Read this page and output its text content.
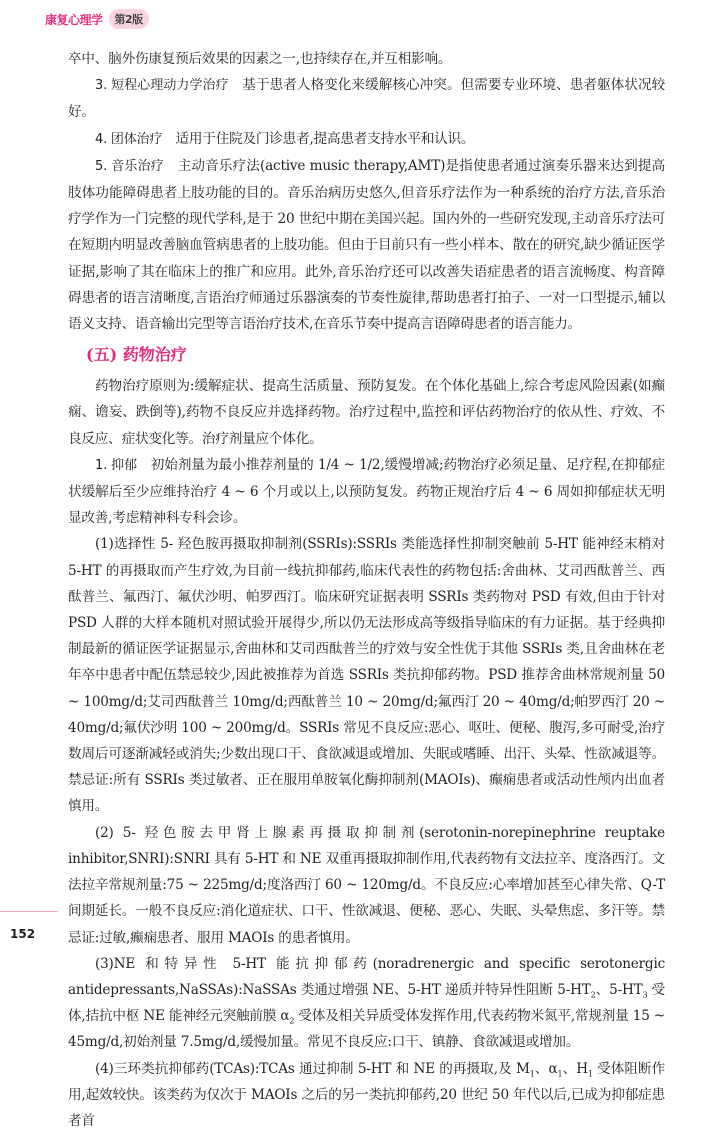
康复心理学	第2版

卒中、脑外伤康复预后效果的因素之一,也持续存在,并互相影响。

3. 短程心理动力学治疗　基于患者人格变化来缓解核心冲突。但需要专业环境、患者躯体状况较好。

4. 团体治疗　适用于住院及门诊患者,提高患者支持水平和认识。

5. 音乐治疗　主动音乐疗法(active music therapy,AMT)是指使患者通过演奏乐器来达到提高肢体功能障碍患者上肢功能的目的。音乐治病历史悠久,但音乐疗法作为一种系统的治疗方法,音乐治疗学作为一门完整的现代学科,是于 20 世纪中期在美国兴起。国内外的一些研究发现,主动音乐疗法可在短期内明显改善脑血管病患者的上肢功能。但由于目前只有一些小样本、散在的研究,缺少循证医学证据,影响了其在临床上的推广和应用。此外,音乐治疗还可以改善失语症患者的语言流畅度、构音障碍患者的语言清晰度,言语治疗师通过乐器演奏的节奏性旋律,帮助患者打拍子、一对一口型提示,辅以语义支持、语音输出完型等言语治疗技术,在音乐节奏中提高言语障碍患者的语言能力。

(五) 药物治疗

药物治疗原则为:缓解症状、提高生活质量、预防复发。在个体化基础上,综合考虑风险因素(如癫痫、谵妄、跌倒等),药物不良反应并选择药物。治疗过程中,监控和评估药物治疗的依从性、疗效、不良反应、症状变化等。治疗剂量应个体化。

1. 抑郁　初始剂量为最小推荐剂量的 1/4 ~ 1/2,缓慢增减;药物治疗必须足量、足疗程,在抑郁症状缓解后至少应维持治疗 4 ~ 6 个月或以上,以预防复发。药物正规治疗后 4 ~ 6 周如抑郁症状无明显改善,考虑精神科专科会诊。

(1)选择性 5- 羟色胺再摄取抑制剂(SSRIs):SSRIs 类能选择性抑制突触前 5-HT 能神经末梢对 5-HT 的再摄取而产生疗效,为目前一线抗抑郁药,临床代表性的药物包括:舍曲林、艾司西酞普兰、西酞普兰、氟西汀、氟伏沙明、帕罗西汀。临床研究证据表明 SSRIs 类药物对 PSD 有效,但由于针对 PSD 人群的大样本随机对照试验开展得少,所以仍无法形成高等级指导临床的有力证据。基于经典抑制最新的循证医学证据显示,舍曲林和艾司西酞普兰的疗效与安全性优于其他 SSRIs 类,且舍曲林在老年卒中患者中配伍禁忌较少,因此被推荐为首选 SSRIs 类抗抑郁药物。PSD 推荐舍曲林常规剂量 50 ~ 100mg/d;艾司西酞普兰 10mg/d;西酞普兰 10 ~ 20mg/d;氟西汀 20 ~ 40mg/d;帕罗西汀 20 ~ 40mg/d;氟伏沙明 100 ~ 200mg/d。SSRIs 常见不良反应:恶心、呕吐、便秘、腹泻,多可耐受,治疗数周后可逐渐减轻或消失;少数出现口干、食欲减退或增加、失眠或嗜睡、出汗、头晕、性欲减退等。禁忌证:所有 SSRIs 类过敏者、正在服用单胺氧化酶抑制剂(MAOIs)、癫痫患者或活动性颅内出血者慎用。

(2) 5- 羟色胺去甲肾上腺素再摄取抑制剂(serotonin-norepinephrine reuptake inhibitor,SNRI):SNRI 具有 5-HT 和 NE 双重再摄取抑制作用,代表药物有文法拉辛、度洛西汀。文法拉辛常规剂量:75 ~ 225mg/d;度洛西汀 60 ~ 120mg/d。不良反应:心率增加甚至心律失常、Q-T 间期延长。一般不良反应:消化道症状、口干、性欲减退、便秘、恶心、失眠、头晕焦虑、多汗等。禁忌证:过敏,癫痫患者、服用 MAOIs 的患者慎用。

(3)NE 和特异性 5-HT 能抗抑郁药(noradrenergic and specific serotonergic antidepressants,NaSSAs):NaSSAs 类通过增强 NE、5-HT 递质并特异性阻断 $5-HT_2$、$5-HT_3$ 受体,拮抗中枢 NE 能神经元突触前膜 $\alpha_2$ 受体及相关异质受体发挥作用,代表药物米氮平,常规剂量 15 ~ 45mg/d,初始剂量 7.5mg/d,缓慢加量。常见不良反应:口干、镇静、食欲减退或增加。

(4)三环类抗抑郁药(TCAs):TCAs 通过抑制 5-HT 和 NE 的再摄取,及 $M_1$、$\alpha_1$、$H_1$ 受体阻断作用,起效较快。该类药为仅次于 MAOIs 之后的另一类抗抑郁药,20 世纪 50 年代以后,已成为抑郁症患者首

152
